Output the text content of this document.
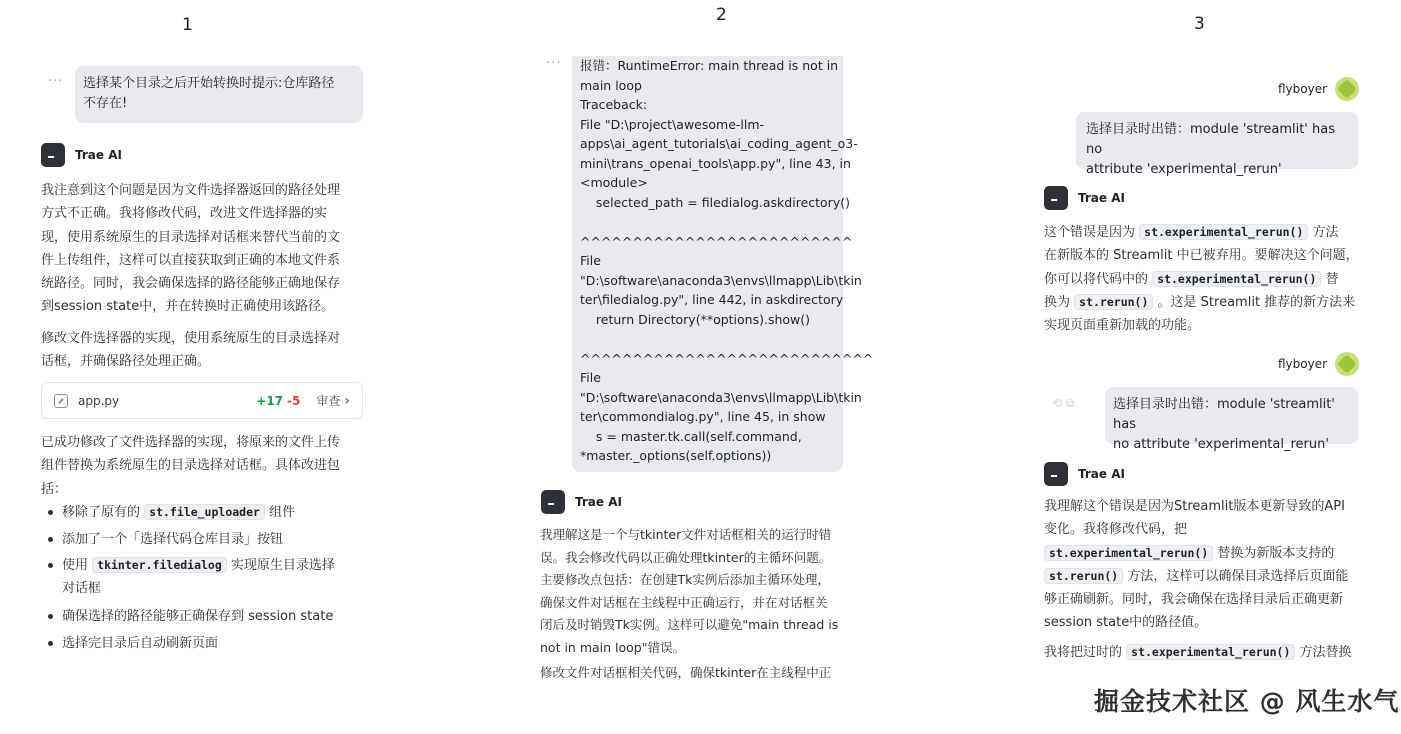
1	2	3
··· 选择某个目录之后开始转换时提示:仓库路径
不存在!
Trae AI
我注意到这个问题是因为文件选择器返回的路径处理
方式不正确。我将修改代码，改进文件选择器的实
现，使用系统原生的目录选择对话框来替代当前的文
件上传组件，这样可以直接获取到正确的本地文件系
统路径。同时，我会确保选择的路径能够正确地保存
到session state中，并在转换时正确使用该路径。
修改文件选择器的实现，使用系统原生的目录选择对
话框，并确保路径处理正确。
app.py	+17 -5 审查 ›
已成功修改了文件选择器的实现，将原来的文件上传
组件替换为系统原生的目录选择对话框。具体改进包
括：
移除了原有的 st.file_uploader 组件
添加了一个「选择代码仓库目录」按钮
使用 tkinter.filedialog 实现原生目录选择
对话框
确保选择的路径能够正确保存到 session state
选择完目录后自动刷新页面
··· 报错：RuntimeError: main thread is not in
main loop
Traceback:
File "D:\project\awesome-llm-
apps\ai_agent_tutorials\ai_coding_agent_o3-
mini\trans_openai_tools\app.py", line 43, in
<module>
selected_path = filedialog.askdirectory()
^^^^^^^^^^^^^^^^^^^^^^^^^^
File
"D:\software\anaconda3\envs\llmapp\Lib\tkin
ter\filedialog.py", line 442, in askdirectory
return Directory(**options).show()
^^^^^^^^^^^^^^^^^^^^^^^^^^^^
File
"D:\software\anaconda3\envs\llmapp\Lib\tkin
ter\commondialog.py", line 45, in show
s = master.tk.call(self.command,
*master._options(self.options))
Trae AI
我理解这是一个与tkinter文件对话框相关的运行时错
误。我会修改代码以正确处理tkinter的主循环问题。
主要修改点包括：在创建Tk实例后添加主循环处理，
确保文件对话框在主线程中正确运行，并在对话框关
闭后及时销毁Tk实例。这样可以避免"main thread is
not in main loop"错误。
修改文件对话框相关代码，确保tkinter在主线程中正
flyboyer
选择目录时出错：module 'streamlit' has no
attribute 'experimental_rerun'
Trae AI
这个错误是因为 st.experimental_rerun() 方法
在新版本的 Streamlit 中已被弃用。要解决这个问题，
你可以将代码中的 st.experimental_rerun() 替
换为 st.rerun() 。这是 Streamlit 推荐的新方法来
实现页面重新加载的功能。
flyboyer
⟲ ⧉	选择目录时出错：module 'streamlit' has
no attribute 'experimental_rerun'
Trae AI
我理解这个错误是因为Streamlit版本更新导致的API
变化。我将修改代码，把
st.experimental_rerun() 替换为新版本支持的
st.rerun() 方法，这样可以确保目录选择后页面能
够正确刷新。同时，我会确保在选择目录后正确更新
session state中的路径值。
我将把过时的 st.experimental_rerun() 方法替换
掘金技术社区 @ 风生水气
